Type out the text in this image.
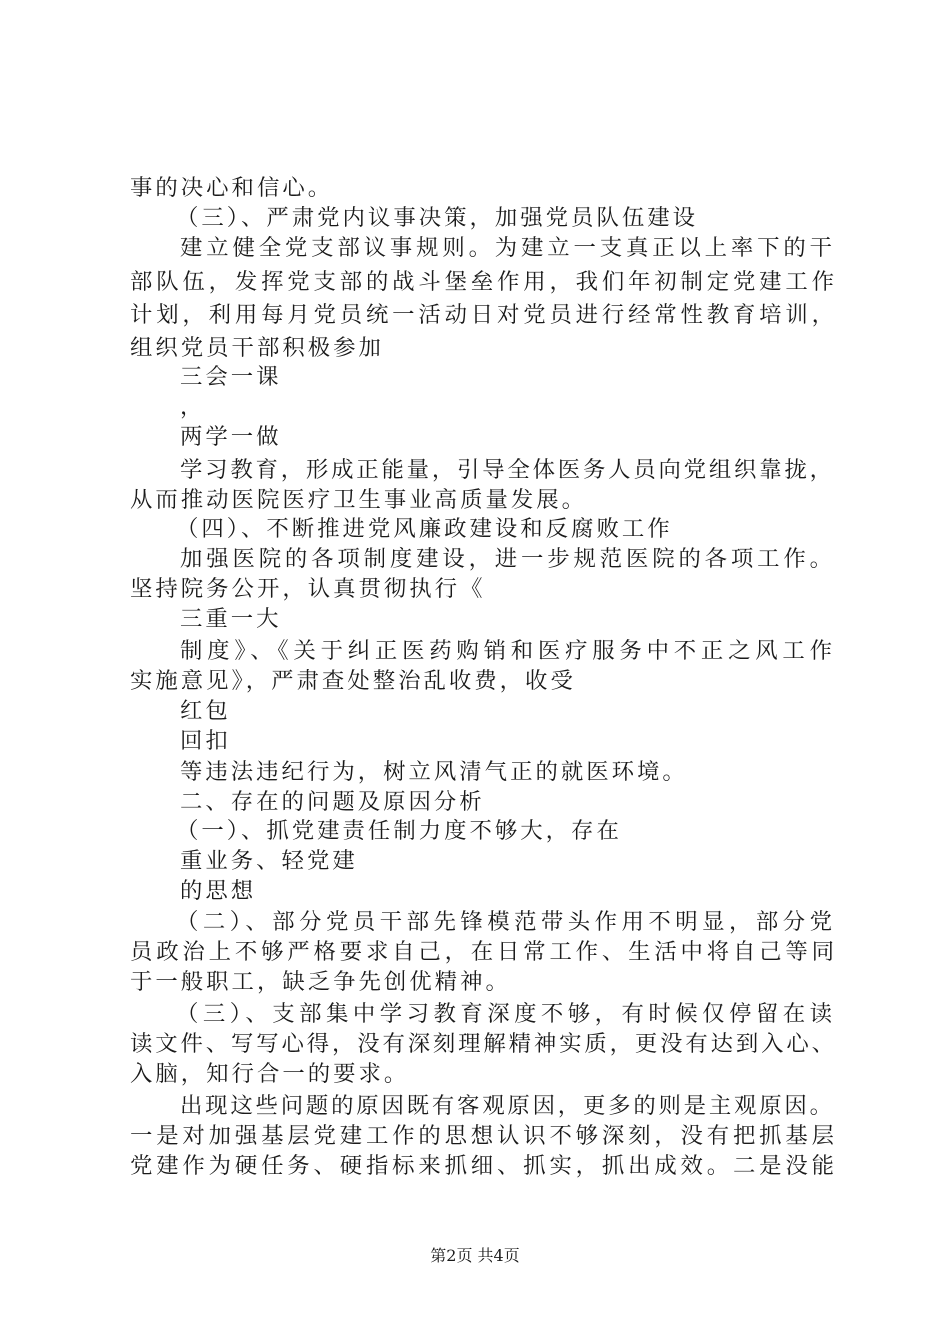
事的决心和信心。
（三）、严肃党内议事决策，加强党员队伍建设
建立健全党支部议事规则。为建立一支真正以上率下的干
部队伍，发挥党支部的战斗堡垒作用，我们年初制定党建工作
计划，利用每月党员统一活动日对党员进行经常性教育培训，
组织党员干部积极参加
三会一课
，
两学一做
学习教育，形成正能量，引导全体医务人员向党组织靠拢，
从而推动医院医疗卫生事业高质量发展。
（四）、不断推进党风廉政建设和反腐败工作
加强医院的各项制度建设，进一步规范医院的各项工作。
坚持院务公开，认真贯彻执行《
三重一大
制度》、《关于纠正医药购销和医疗服务中不正之风工作
实施意见》，严肃查处整治乱收费，收受
红包
回扣
等违法违纪行为，树立风清气正的就医环境。
二、存在的问题及原因分析
（一）、抓党建责任制力度不够大，存在
重业务、轻党建
的思想
（二）、部分党员干部先锋模范带头作用不明显，部分党
员政治上不够严格要求自己，在日常工作、生活中将自己等同
于一般职工，缺乏争先创优精神。
（三）、支部集中学习教育深度不够，有时候仅停留在读
读文件、写写心得，没有深刻理解精神实质，更没有达到入心、
入脑，知行合一的要求。
出现这些问题的原因既有客观原因，更多的则是主观原因。
一是对加强基层党建工作的思想认识不够深刻，没有把抓基层
党建作为硬任务、硬指标来抓细、抓实，抓出成效。二是没能
第2页 共4页
